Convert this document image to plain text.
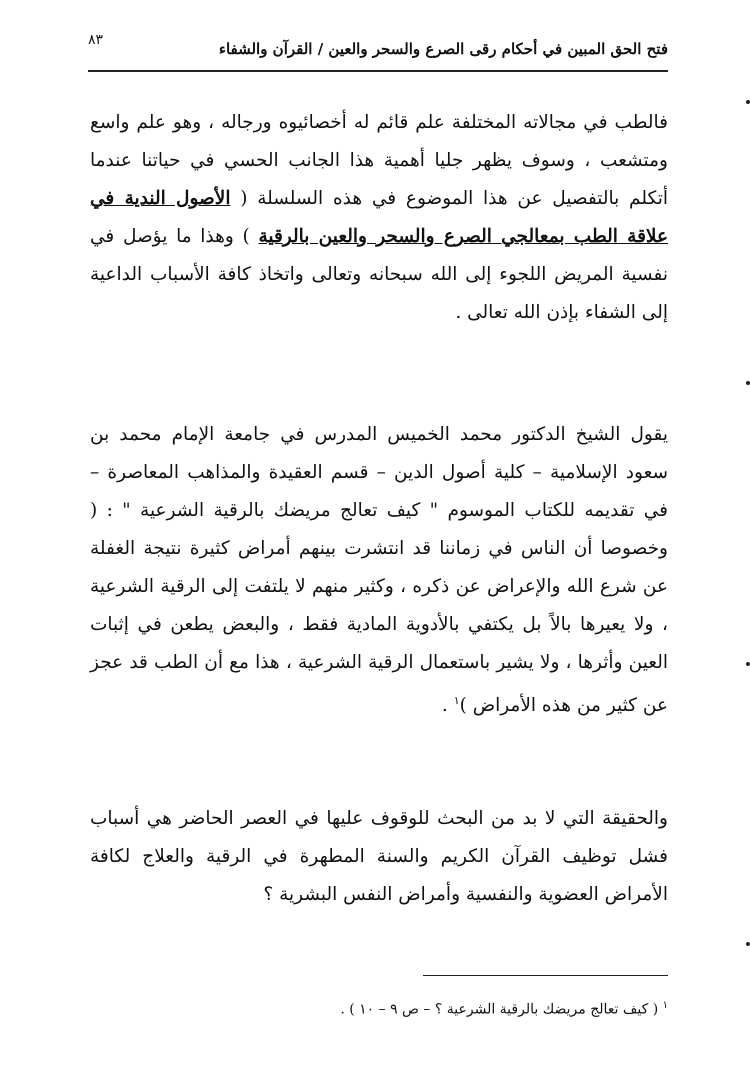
٨٣	فتح الحق المبين في أحكام رقى الصرع والسحر والعين / القرآن والشفاء

فالطب في مجالاته المختلفة علم قائم له أخصائيوه ورجاله ، وهو علم واسع ومتشعب ، وسوف يظهر جليا أهمية هذا الجانب الحسي في حياتنا عندما أتكلم بالتفصيل عن هذا الموضوع في هذه السلسلة ( الأصول الندية في علاقة الطب بمعالجي الصرع والسحر والعين بالرقية ) وهذا ما يؤصل في نفسية المريض اللجوء إلى الله سبحانه وتعالى واتخاذ كافة الأسباب الداعية إلى الشفاء بإذن الله تعالى .

يقول الشيخ الدكتور محمد الخميس المدرس في جامعة الإمام محمد بن سعود الإسلامية – كلية أصول الدين – قسم العقيدة والمذاهب المعاصرة – في تقديمه للكتاب الموسوم " كيف تعالج مريضك بالرقية الشرعية " : ( وخصوصا أن الناس في زماننا قد انتشرت بينهم أمراض كثيرة نتيجة الغفلة عن شرع الله والإعراض عن ذكره ، وكثير منهم لا يلتفت إلى الرقية الشرعية ، ولا يعيرها بالاً بل يكتفي بالأدوية المادية فقط ، والبعض يطعن في إثبات العين وأثرها ، ولا يشير باستعمال الرقية الشرعية ، هذا مع أن الطب قد عجز عن كثير من هذه الأمراض )$^١$ .

والحقيقة التي لا بد من البحث للوقوف عليها في العصر الحاضر هي أسباب فشل توظيف القرآن الكريم والسنة المطهرة في الرقية والعلاج لكافة الأمراض العضوية والنفسية وأمراض النفس البشرية ؟

$^١$ ( كيف تعالج مريضك بالرقية الشرعية ؟ – ص ٩ – ١٠ ) .
